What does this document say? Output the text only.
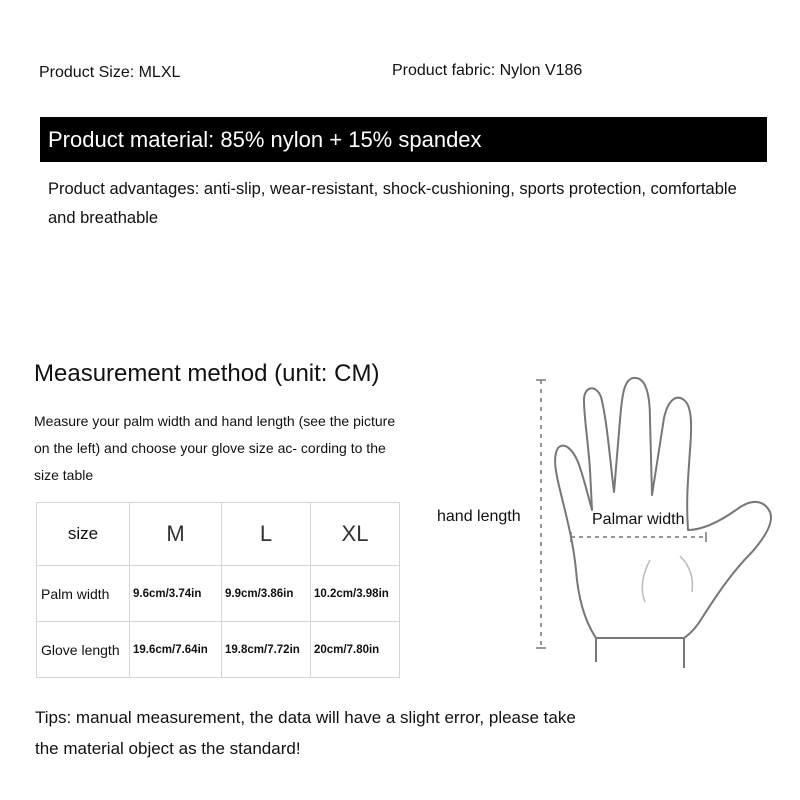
Product Size: MLXL	Product fabric: Nylon V186
Product material: 85% nylon + 15% spandex
Product advantages: anti-slip, wear-resistant, shock-cushioning, sports protection, comfortable and breathable
Measurement method (unit: CM)
Measure your palm width and hand length (see the picture on the left) and choose your glove size ac- cording to the size table
size	M	L	XL
Palm width	9.6cm/3.74in	9.9cm/3.86in	10.2cm/3.98in
Glove length	19.6cm/7.64in	19.8cm/7.72in	20cm/7.80in
hand length	Palmar width
Tips: manual measurement, the data will have a slight error, please take the material object as the standard!
